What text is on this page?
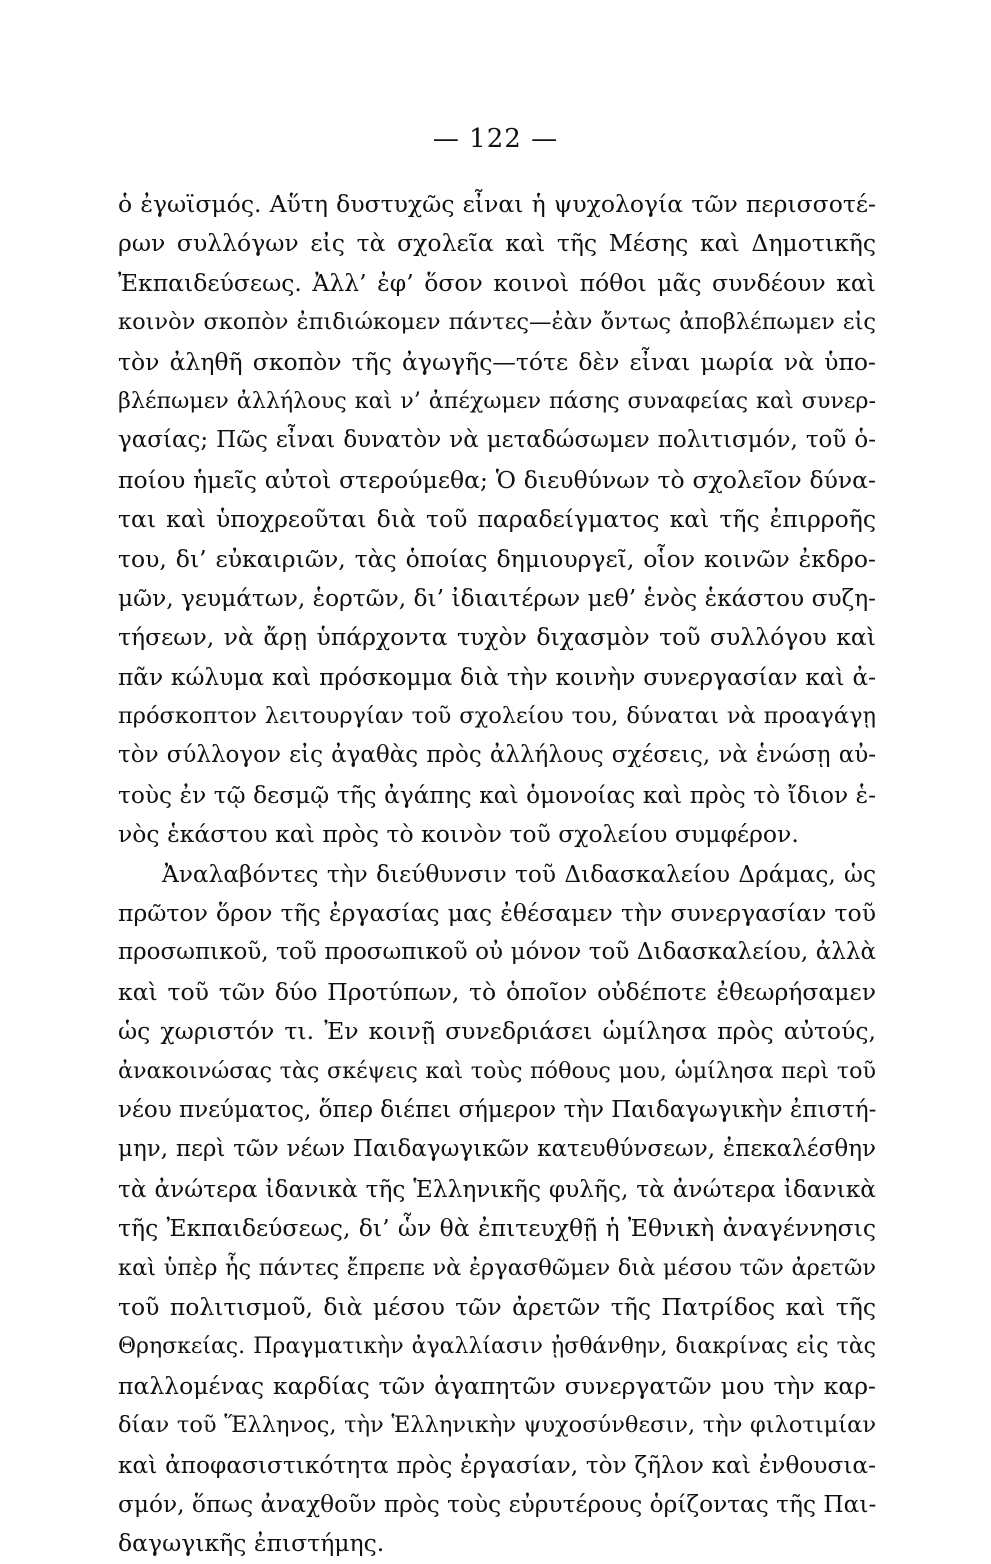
— 122 —
ὁ ἐγωϊσμός. Αὕτη δυστυχῶς εἶναι ἡ ψυχολογία τῶν περισσοτέ-
ρων συλλόγων εἰς τὰ σχολεῖα καὶ τῆς Μέσης καὶ Δημοτικῆς
Ἐκπαιδεύσεως. Ἀλλ’ ἐφ’ ὅσον κοινοὶ πόθοι μᾶς συνδέουν καὶ
κοινὸν σκοπὸν ἐπιδιώκομεν πάντες—ἐὰν ὄντως ἀποβλέπωμεν εἰς
τὸν ἀληθῆ σκοπὸν τῆς ἀγωγῆς—τότε δὲν εἶναι μωρία νὰ ὑπο-
βλέπωμεν ἀλλήλους καὶ ν’ ἀπέχωμεν πάσης συναφείας καὶ συνερ-
γασίας; Πῶς εἶναι δυνατὸν νὰ μεταδώσωμεν πολιτισμόν, τοῦ ὁ-
ποίου ἡμεῖς αὐτοὶ στερούμεθα; Ὁ διευθύνων τὸ σχολεῖον δύνα-
ται καὶ ὑποχρεοῦται διὰ τοῦ παραδείγματος καὶ τῆς ἐπιρροῆς
του, δι’ εὐκαιριῶν, τὰς ὁποίας δημιουργεῖ, οἷον κοινῶν ἐκδρο-
μῶν, γευμάτων, ἑορτῶν, δι’ ἰδιαιτέρων μεθ’ ἑνὸς ἑκάστου συζη-
τήσεων, νὰ ἄρῃ ὑπάρχοντα τυχὸν διχασμὸν τοῦ συλλόγου καὶ
πᾶν κώλυμα καὶ πρόσκομμα διὰ τὴν κοινὴν συνεργασίαν καὶ ἀ-
πρόσκοπτον λειτουργίαν τοῦ σχολείου του, δύναται νὰ προαγάγῃ
τὸν σύλλογον εἰς ἀγαθὰς πρὸς ἀλλήλους σχέσεις, νὰ ἑνώσῃ αὐ-
τοὺς ἐν τῷ δεσμῷ τῆς ἀγάπης καὶ ὁμονοίας καὶ πρὸς τὸ ἴδιον ἑ-
νὸς ἑκάστου καὶ πρὸς τὸ κοινὸν τοῦ σχολείου συμφέρον.
Ἀναλαβόντες τὴν διεύθυνσιν τοῦ Διδασκαλείου Δράμας, ὡς
πρῶτον ὅρον τῆς ἐργασίας μας ἐθέσαμεν τὴν συνεργασίαν τοῦ
προσωπικοῦ, τοῦ προσωπικοῦ οὐ μόνον τοῦ Διδασκαλείου, ἀλλὰ
καὶ τοῦ τῶν δύο Προτύπων, τὸ ὁποῖον οὐδέποτε ἐθεωρήσαμεν
ὡς χωριστόν τι. Ἐν κοινῇ συνεδριάσει ὡμίλησα πρὸς αὐτούς,
ἀνακοινώσας τὰς σκέψεις καὶ τοὺς πόθους μου, ὡμίλησα περὶ τοῦ
νέου πνεύματος, ὅπερ διέπει σήμερον τὴν Παιδαγωγικὴν ἐπιστή-
μην, περὶ τῶν νέων Παιδαγωγικῶν κατευθύνσεων, ἐπεκαλέσθην
τὰ ἀνώτερα ἰδανικὰ τῆς Ἑλληνικῆς φυλῆς, τὰ ἀνώτερα ἰδανικὰ
τῆς Ἐκπαιδεύσεως, δι’ ὧν θὰ ἐπιτευχθῇ ἡ Ἐθνικὴ ἀναγέννησις
καὶ ὑπὲρ ἧς πάντες ἔπρεπε νὰ ἐργασθῶμεν διὰ μέσου τῶν ἀρετῶν
τοῦ πολιτισμοῦ, διὰ μέσου τῶν ἀρετῶν τῆς Πατρίδος καὶ τῆς
Θρησκείας. Πραγματικὴν ἀγαλλίασιν ᾐσθάνθην, διακρίνας εἰς τὰς
παλλομένας καρδίας τῶν ἀγαπητῶν συνεργατῶν μου τὴν καρ-
δίαν τοῦ Ἕλληνος, τὴν Ἑλληνικὴν ψυχοσύνθεσιν, τὴν φιλοτιμίαν
καὶ ἀποφασιστικότητα πρὸς ἐργασίαν, τὸν ζῆλον καὶ ἐνθουσια-
σμόν, ὅπως ἀναχθοῦν πρὸς τοὺς εὐρυτέρους ὁρίζοντας τῆς Παι-
δαγωγικῆς ἐπιστήμης.
